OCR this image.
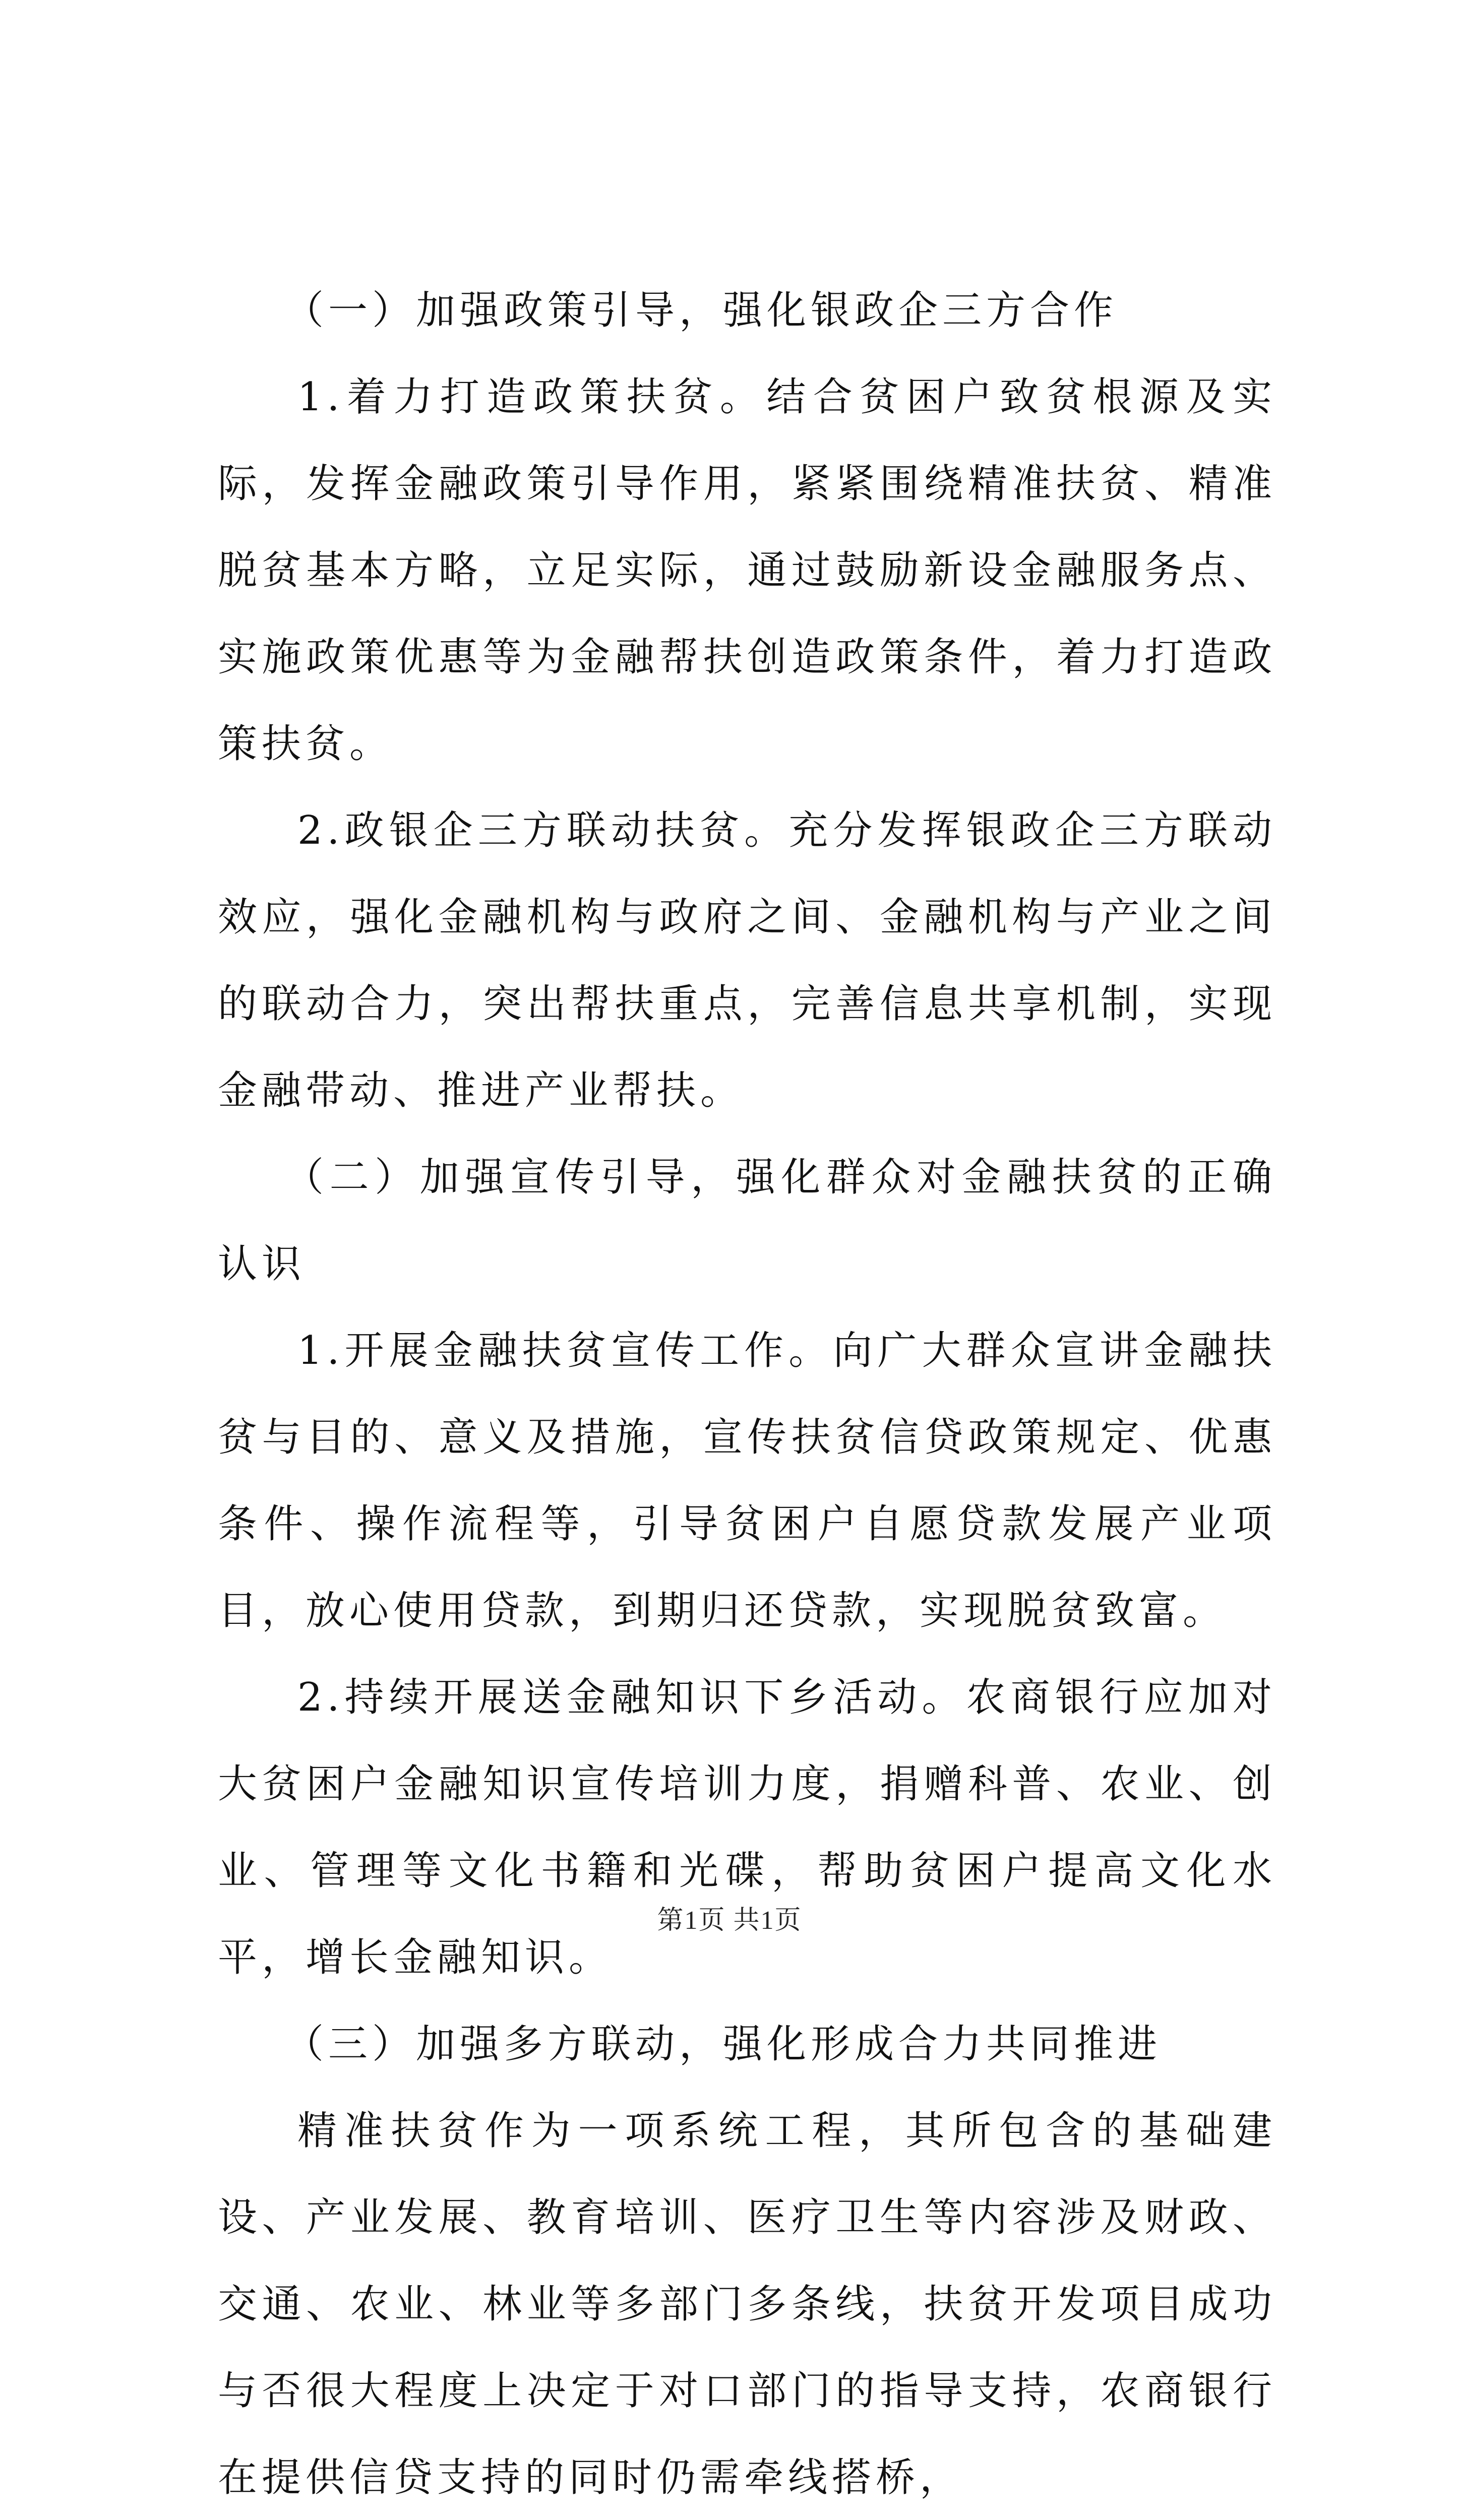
（一）加强政策引导，强化银政企三方合作

1.着力打造政策扶贫。结合贫困户致贫根源及实际，发挥金融政策引导作用，紧紧围绕精准扶贫、精准脱贫基本方略，立足实际，通过鼓励新设金融服务点、实施政策优惠等为金融帮扶创造政策条件，着力打造政策扶贫。

2.政银企三方联动扶贫。充分发挥银政企三方联动效应，强化金融机构与政府之间、金融机构与产业之间的联动合力，突出帮扶重点，完善信息共享机制，实现金融带动、推进产业帮扶。

（二）加强宣传引导，强化群众对金融扶贫的正确认识

1.开展金融扶贫宣传工作。向广大群众宣讲金融扶贫与目的、意义及措施，宣传扶贫信贷政策规定、优惠条件、操作流程等，引导贫困户自愿贷款发展产业项目，放心使用贷款，到期归还贷款，实现脱贫致富。

2.持续开展送金融知识下乡活动。农商银行应加对大贫困户金融知识宣传培训力度，捐赠科普、农业、创业、管理等文化书籍和光碟，帮助贫困户提高文化水平，增长金融知识。

（三）加强多方联动，强化形成合力共同推进

精准扶贫作为一项系统工程，其所包含的基础建设、产业发展、教育培训、医疗卫生等内容涉及财政、交通、农业、林业等多部门多条线，扶贫开发项目成功与否很大程度上决定于对口部门的指导支持，农商银行在提供信贷支持的同时仍需牵线搭桥，

第1页 共1页
